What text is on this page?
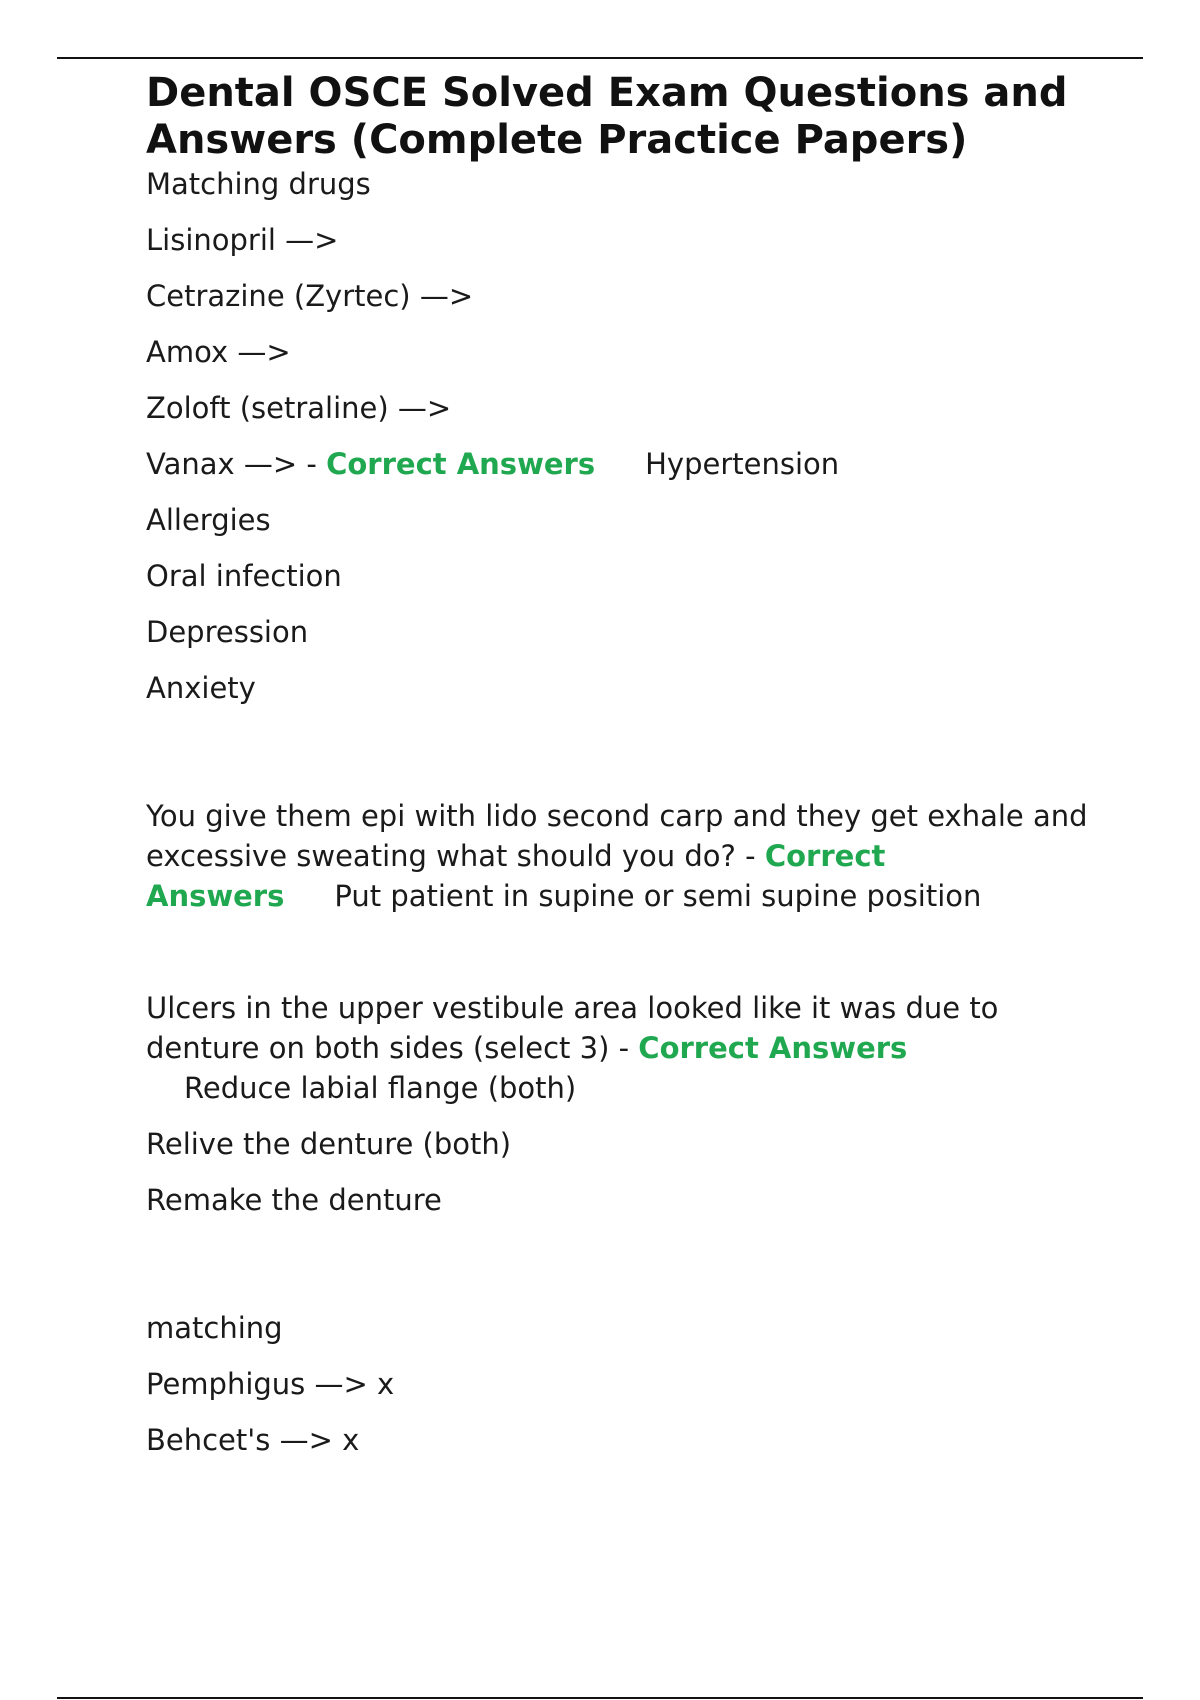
Dental OSCE Solved Exam Questions and Answers (Complete Practice Papers)

Matching drugs

Lisinopril —>

Cetrazine (Zyrtec) —>

Amox —>

Zoloft (setraline) —>

Vanax —> - Correct Answers Hypertension

Allergies

Oral infection

Depression

Anxiety

You give them epi with lido second carp and they get exhale and excessive sweating what should you do? - Correct
Answers Put patient in supine or semi supine position

Ulcers in the upper vestibule area looked like it was due to

denture on both sides (select 3) - Correct Answers

Reduce labial flange (both)

Relive the denture (both)

Remake the denture

matching

Pemphigus —> x

Behcet's —> x
